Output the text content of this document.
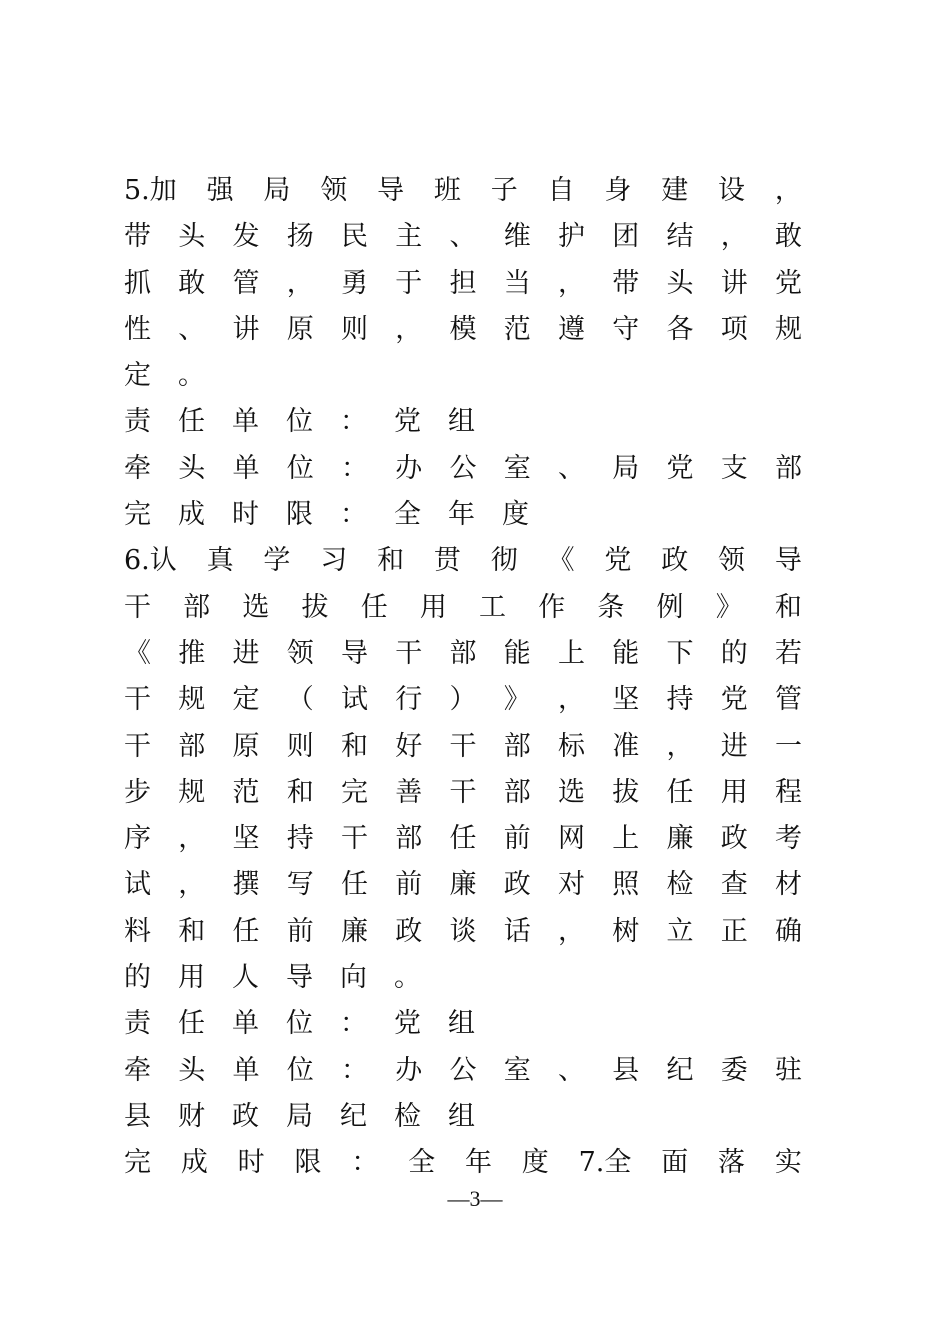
5.加 强 局 领 导 班 子 自 身 建 设 ，
带 头 发 扬 民 主 、 维 护 团 结 ， 敢
抓 敢 管 ， 勇 于 担 当 ， 带 头 讲 党
性 、 讲 原 则 ， 模 范 遵 守 各 项 规
定 。
责 任 单 位 ： 党 组
牵 头 单 位 ： 办 公 室 、 局 党 支 部
完 成 时 限 ： 全 年 度
6.认 真 学 习 和 贯 彻 《 党 政 领 导
干 部 选 拔 任 用 工 作 条 例 》 和
《 推 进 领 导 干 部 能 上 能 下 的 若
干 规 定 （ 试 行 ） 》 ， 坚 持 党 管
干 部 原 则 和 好 干 部 标 准 ， 进 一
步 规 范 和 完 善 干 部 选 拔 任 用 程
序 ， 坚 持 干 部 任 前 网 上 廉 政 考
试 ， 撰 写 任 前 廉 政 对 照 检 查 材
料 和 任 前 廉 政 谈 话 ， 树 立 正 确
的 用 人 导 向 。
责 任 单 位 ： 党 组
牵 头 单 位 ： 办 公 室 、 县 纪 委 驻
县 财 政 局 纪 检 组
完 成 时 限 ： 全 年 度 7.全 面 落 实
—3—
